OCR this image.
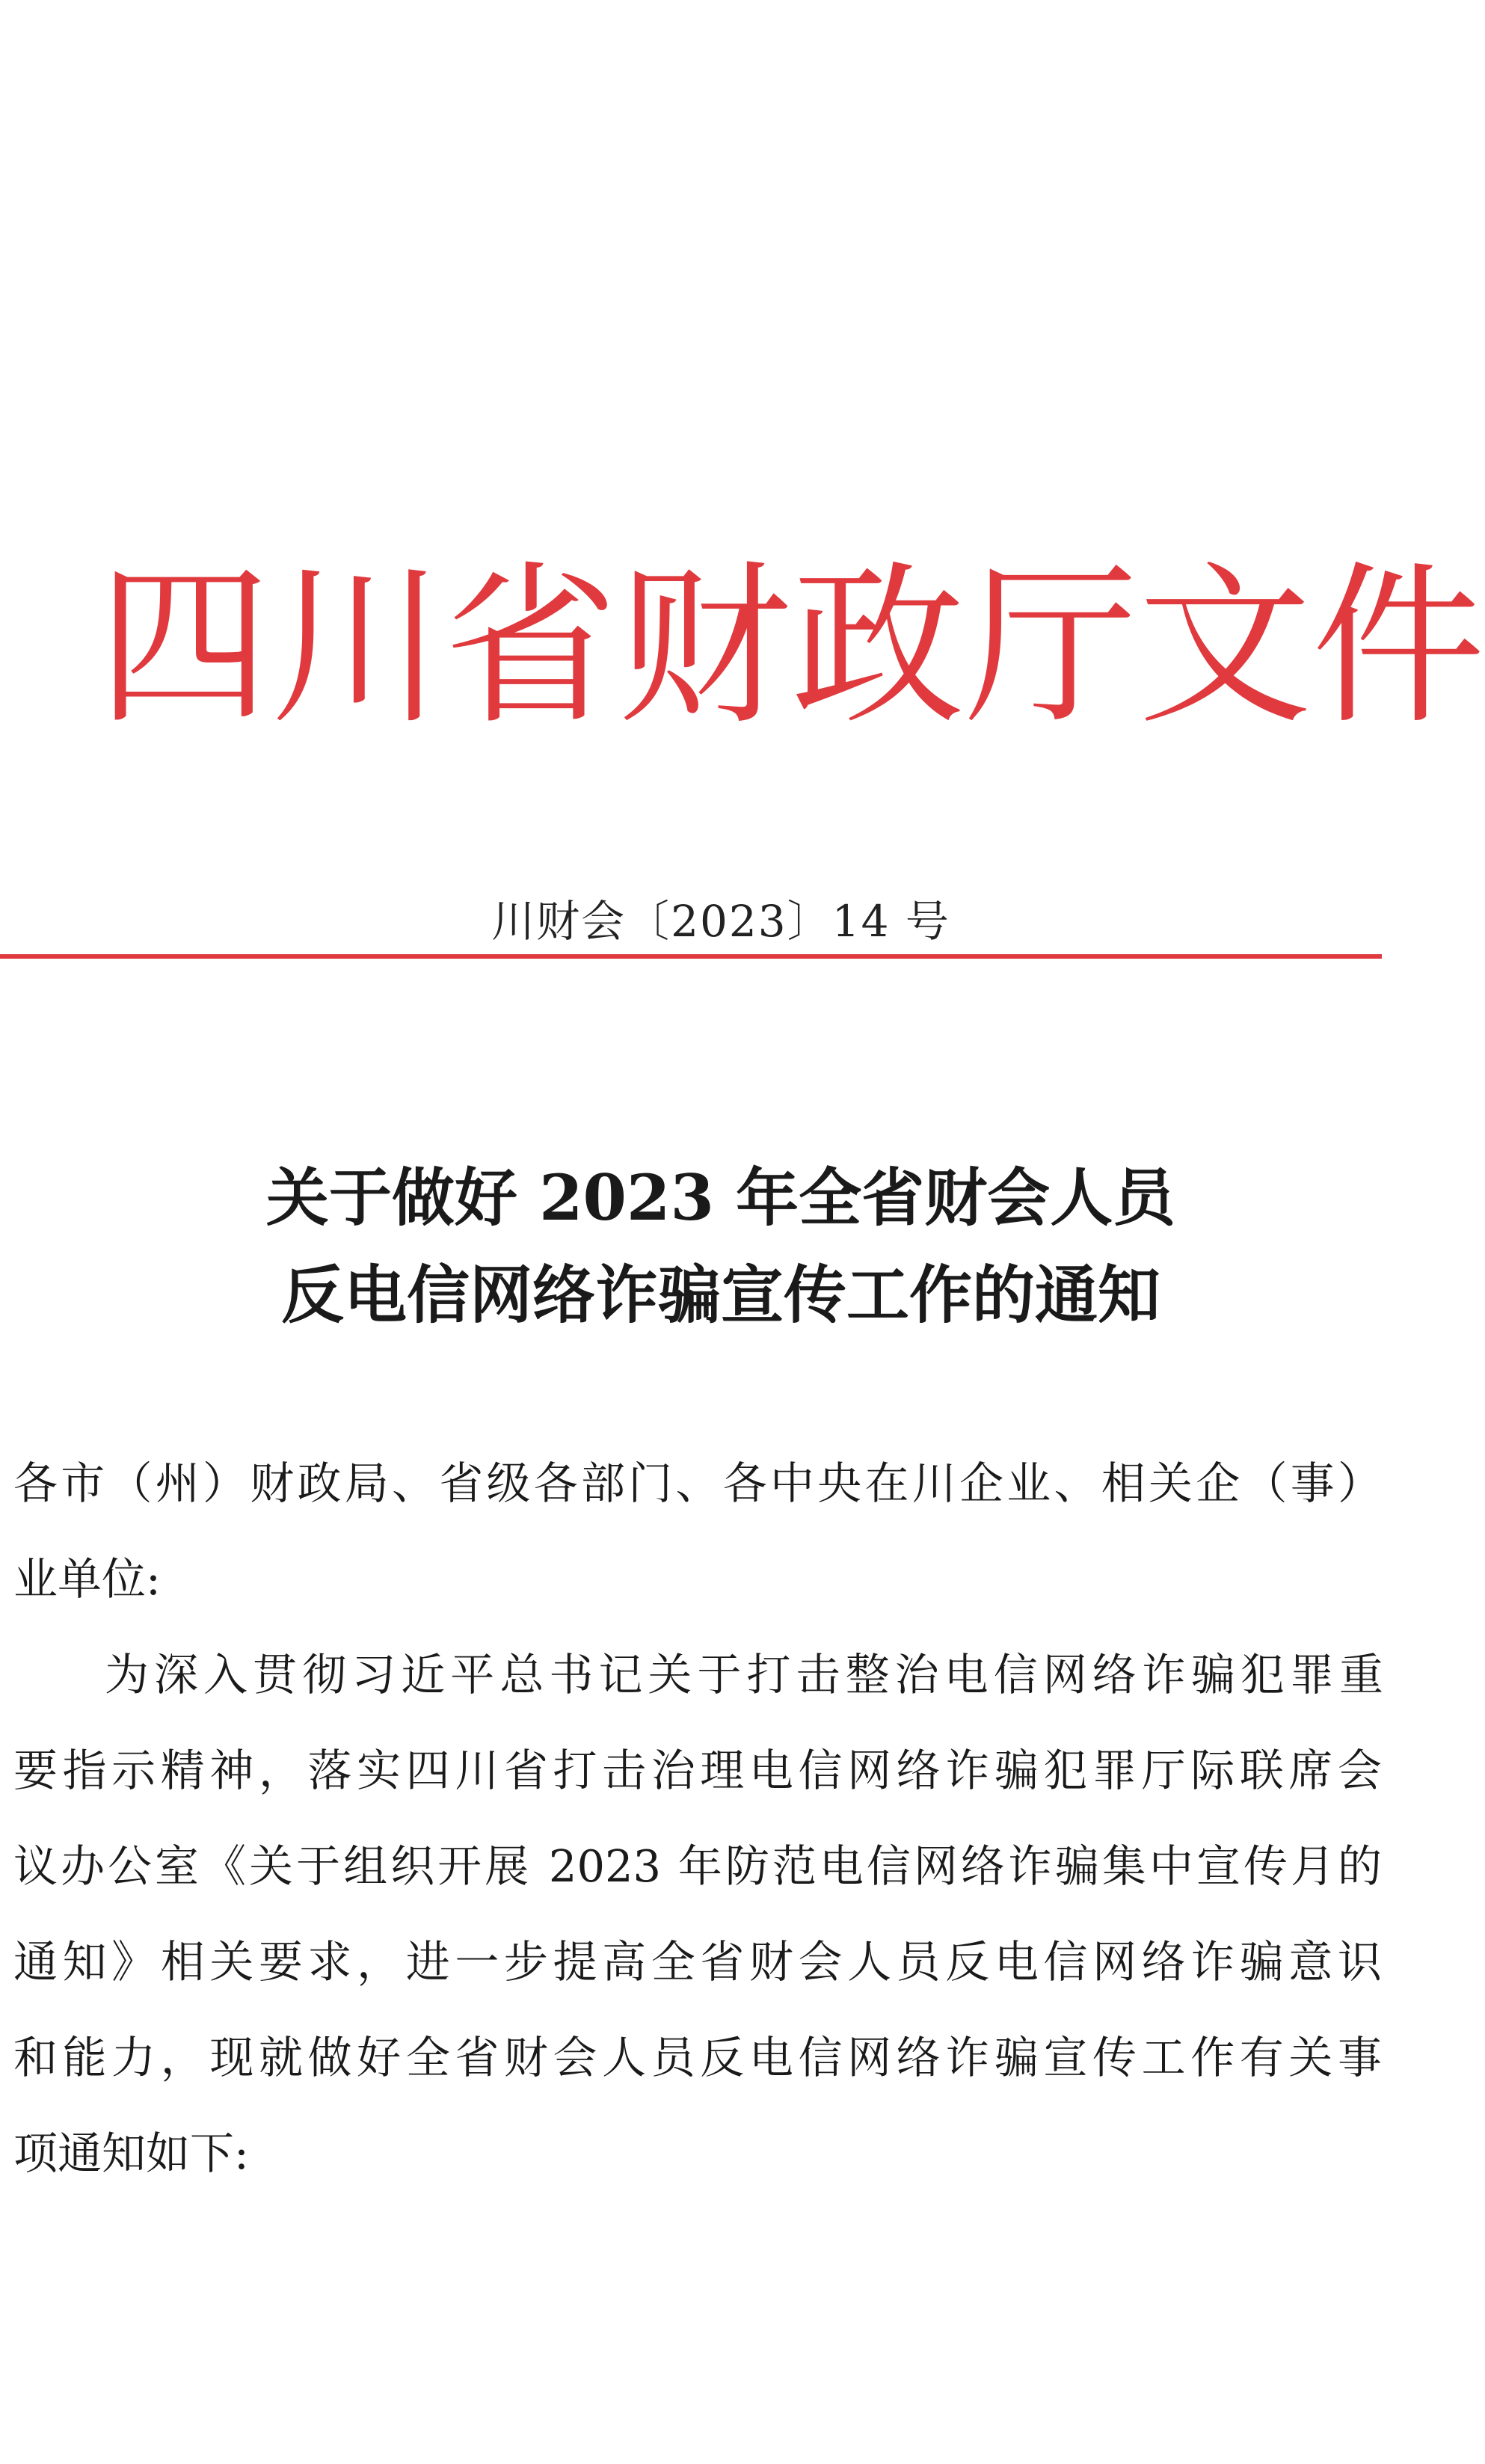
四 川 省 财 政 厅 文 件
川财会〔2023〕14 号
关于做好 2023 年全省财会人员
反电信网络诈骗宣传工作的通知
各市（州）财政局、省级各部门、各中央在川企业、相关企（事）
业单位:
为深入贯彻习近平总书记关于打击整治电信网络诈骗犯罪重
要指示精神，落实四川省打击治理电信网络诈骗犯罪厅际联席会
议办公室《关于组织开展 2023 年防范电信网络诈骗集中宣传月的
通知》相关要求，进一步提高全省财会人员反电信网络诈骗意识
和能力，现就做好全省财会人员反电信网络诈骗宣传工作有关事
项通知如下:
